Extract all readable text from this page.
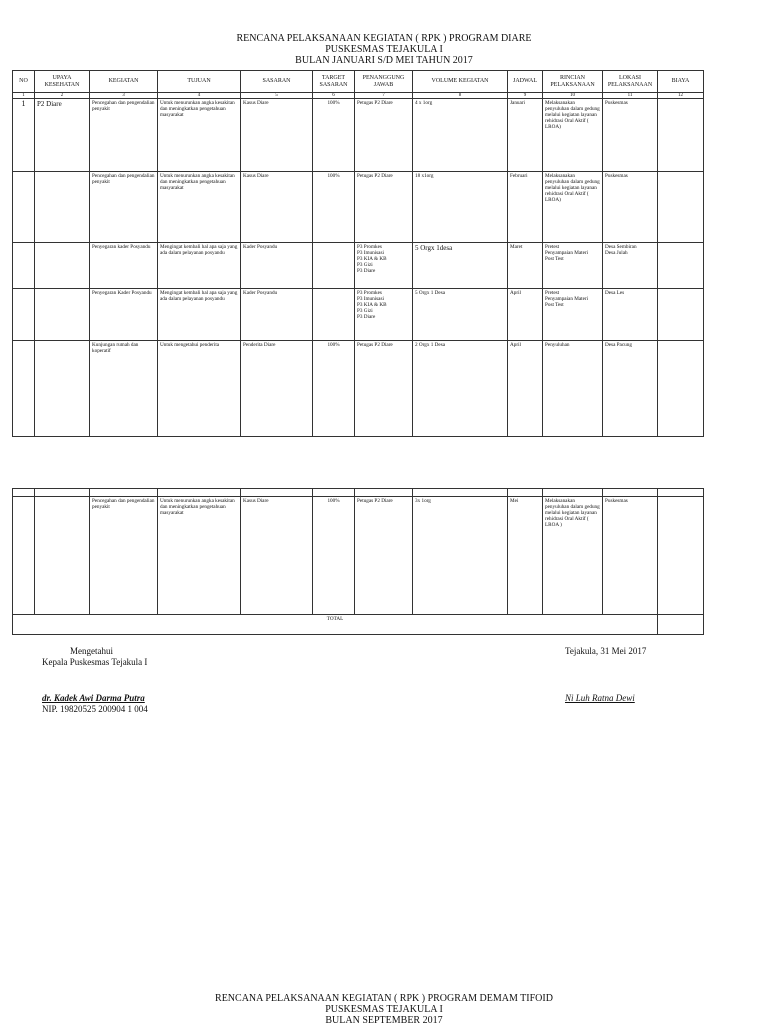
RENCANA PELAKSANAAN KEGIATAN ( RPK ) PROGRAM DIARE
PUSKESMAS TEJAKULA I
BULAN JANUARI S/D MEI TAHUN 2017
NO	UPAYA KESEHATAN	KEGIATAN	TUJUAN	SASARAN	TARGET SASARAN	PENANGGUNG JAWAB	VOLUME KEGIATAN	JADWAL	RINCIAN PELAKSANAAN	LOKASI PELAKSANAAN	BIAYA
1	2	3	4	5	6	7	8	9	10	11	12
1	P2 Diare	Pencegahan dan pengendalian penyakit	Untuk menurunkan angka kesakitan dan meningkatkan pengetahuan masyarakat	Kasus Diare	100%	Petugas P2 Diare	4 x 1org	Januari	Melaksanakan penyuluhan dalam gedung melalui kegiatan layanan rehidrasi Oral Aktif ( LROA)	Puskesmas	
		Pencegahan dan pengendalian penyakit	Untuk menurunkan angka kesakitan dan meningkatkan pengetahuan masyarakat	Kasus Diare	100%	Petugas P2 Diare	18 x1org	Februari	Melaksanakan penyuluhan dalam gedung melalui kegiatan layanan rehidrasi Oral Aktif ( LROA)	Puskesmas	
		Penyegaran kader Posyandu	Mengingat kembali hal apa saja yang ada dalam pelayanan posyandu	Kader Posyandu		P3 Promkes
P3 Imunisasi
P3 KIA & KB
P3 Gizi
P3 Diare	5 Orgx 1desa	Maret	Pretest
Penyampaian Materi
Post Test	Desa Sembiran
Desa Julah	
		Penyegaran Kader Posyandu	Mengingat kembali hal apa saja yang ada dalam pelayanan posyandu	Kader Posyandu		P3 Promkes
P3 Imunisasi
P3 KIA & KB
P3 Gizi
P3 Diare	5 Orgx 1 Desa	April	Pretest
Penyampaian Materi
Post Test	Desa Les	
		Kunjungan rumah dan koperatif	Untuk mengetahui penderita	Penderita Diare	100%	Petugas P2 Diare	2 Orgx 1 Desa	April	Penyuluhan	Desa Pacung	

		Pencegahan dan pengendalian penyakit	Untuk menurunkan angka kesakitan dan meningkatkan pengetahuan masyarakat	Kasus Diare	100%	Petugas P2 Diare	3x 1org	Mei	Melaksanakan penyuluhan dalam gedung melalui kegiatan layanan rehidrasi Oral Aktif ( LROA )	Puskesmas	
TOTAL											
Mengetahui
Kepala Puskesmas Tejakula I
dr. Kadek Awi Darma Putra
NIP. 19820525 200904 1 004
Tejakula, 31 Mei 2017
Ni Luh Ratna Dewi
RENCANA PELAKSANAAN KEGIATAN ( RPK ) PROGRAM DEMAM TIFOID
PUSKESMAS TEJAKULA I
BULAN SEPTEMBER 2017
